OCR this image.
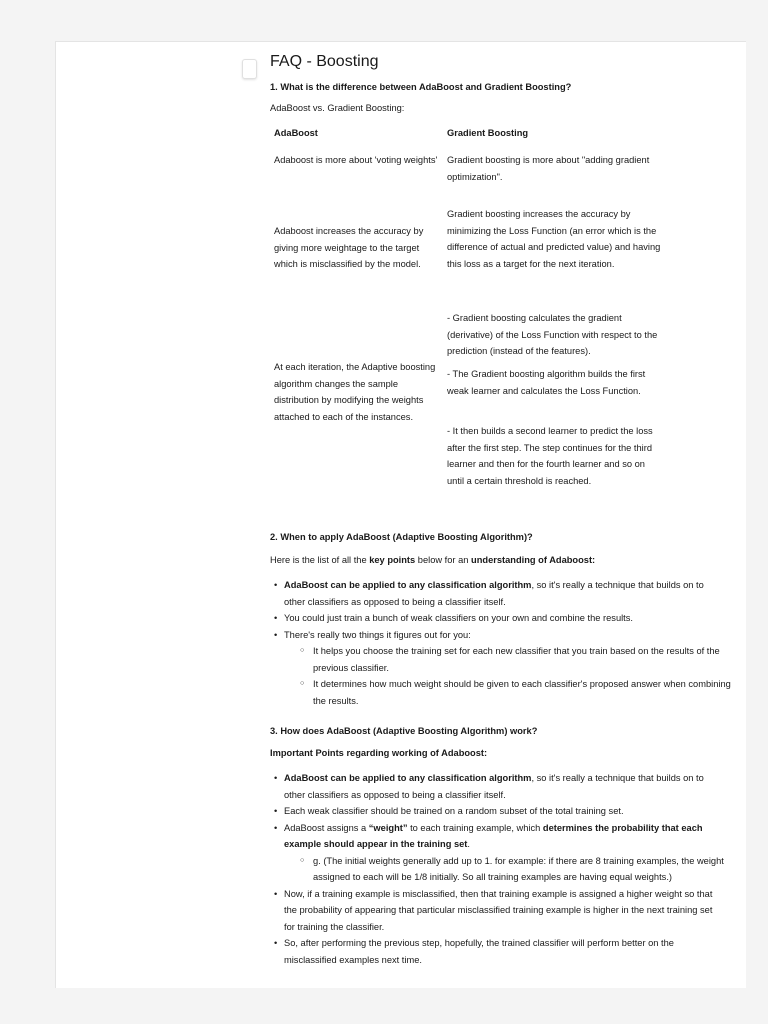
FAQ - Boosting
1. What is the difference between AdaBoost and Gradient Boosting?
AdaBoost vs. Gradient Boosting:
AdaBoost	Gradient Boosting
Adaboost is more about 'voting weights'	Gradient boosting is more about "adding gradient optimization".
Adaboost increases the accuracy by giving more weightage to the target which is misclassified by the model.
Gradient boosting increases the accuracy by minimizing the Loss Function (an error which is the difference of actual and predicted value) and having this loss as a target for the next iteration.
At each iteration, the Adaptive boosting algorithm changes the sample distribution by modifying the weights attached to each of the instances.
- Gradient boosting calculates the gradient (derivative) of the Loss Function with respect to the prediction (instead of the features).
- The Gradient boosting algorithm builds the first weak learner and calculates the Loss Function.
- It then builds a second learner to predict the loss after the first step. The step continues for the third learner and then for the fourth learner and so on until a certain threshold is reached.
2. When to apply AdaBoost (Adaptive Boosting Algorithm)?
Here is the list of all the key points below for an understanding of Adaboost:
• AdaBoost can be applied to any classification algorithm, so it's really a technique that builds on to
other classifiers as opposed to being a classifier itself.
• You could just train a bunch of weak classifiers on your own and combine the results.
• There's really two things it figures out for you:
○ It helps you choose the training set for each new classifier that you train based on the results of the
previous classifier.
○ It determines how much weight should be given to each classifier's proposed answer when combining
the results.
3. How does AdaBoost (Adaptive Boosting Algorithm) work?
Important Points regarding working of Adaboost:
• AdaBoost can be applied to any classification algorithm, so it's really a technique that builds on to
other classifiers as opposed to being a classifier itself.
• Each weak classifier should be trained on a random subset of the total training set.
• AdaBoost assigns a “weight” to each training example, which determines the probability that each
example should appear in the training set.
○ g. (The initial weights generally add up to 1. for example: if there are 8 training examples, the weight
assigned to each will be 1/8 initially. So all training examples are having equal weights.)
• Now, if a training example is misclassified, then that training example is assigned a higher weight so that
the probability of appearing that particular misclassified training example is higher in the next training set
for training the classifier.
• So, after performing the previous step, hopefully, the trained classifier will perform better on the
misclassified examples next time.
